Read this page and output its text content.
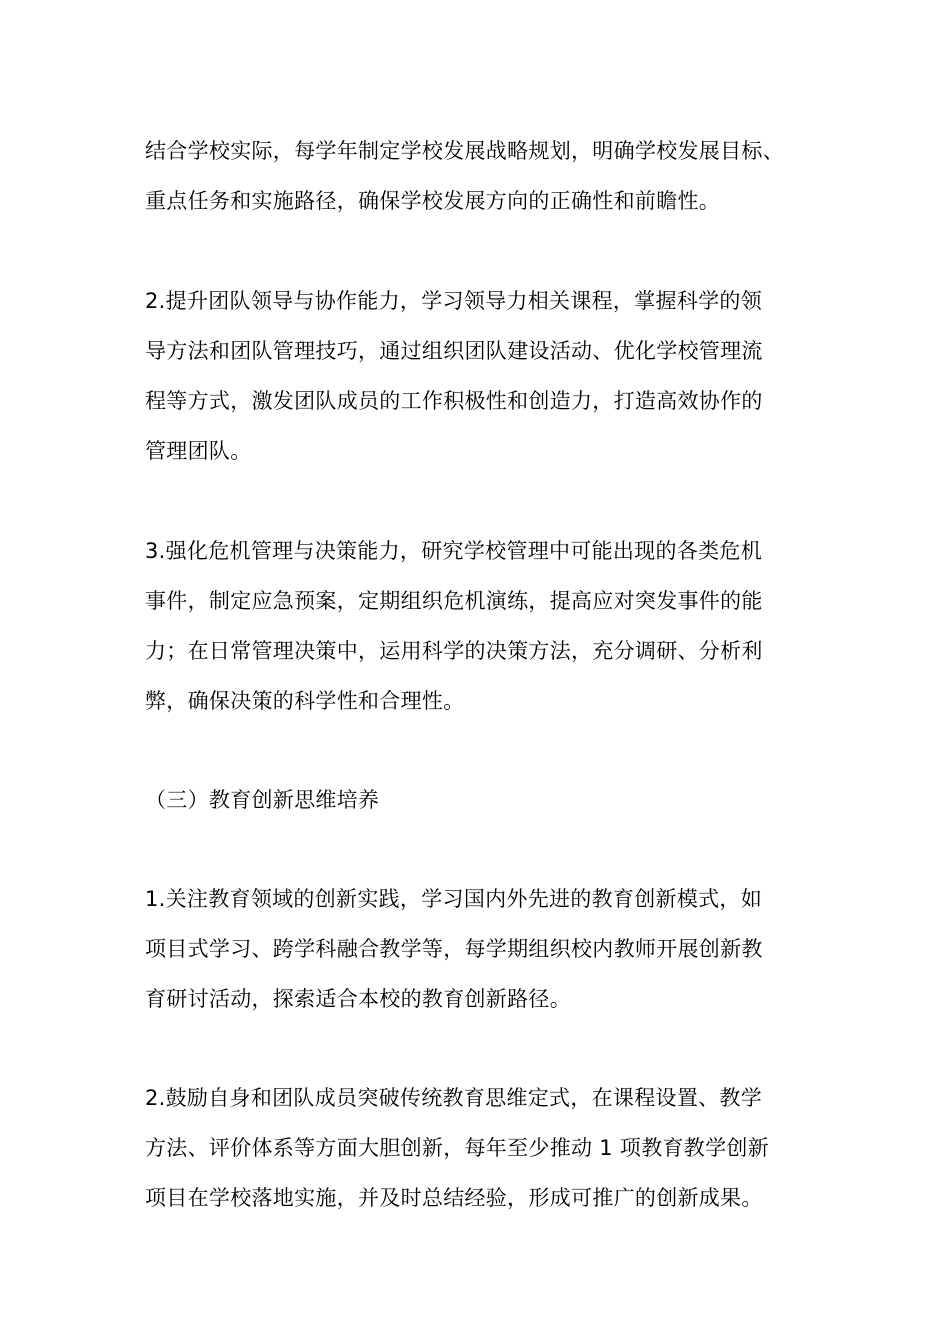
结合学校实际，每学年制定学校发展战略规划，明确学校发展目标、
重点任务和实施路径，确保学校发展方向的正确性和前瞻性。
2.提升团队领导与协作能力，学习领导力相关课程，掌握科学的领
导方法和团队管理技巧，通过组织团队建设活动、优化学校管理流
程等方式，激发团队成员的工作积极性和创造力，打造高效协作的
管理团队。
3.强化危机管理与决策能力，研究学校管理中可能出现的各类危机
事件，制定应急预案，定期组织危机演练，提高应对突发事件的能
力；在日常管理决策中，运用科学的决策方法，充分调研、分析利
弊，确保决策的科学性和合理性。
（三）教育创新思维培养
1.关注教育领域的创新实践，学习国内外先进的教育创新模式，如
项目式学习、跨学科融合教学等，每学期组织校内教师开展创新教
育研讨活动，探索适合本校的教育创新路径。
2.鼓励自身和团队成员突破传统教育思维定式，在课程设置、教学
方法、评价体系等方面大胆创新，每年至少推动 1 项教育教学创新
项目在学校落地实施，并及时总结经验，形成可推广的创新成果。
